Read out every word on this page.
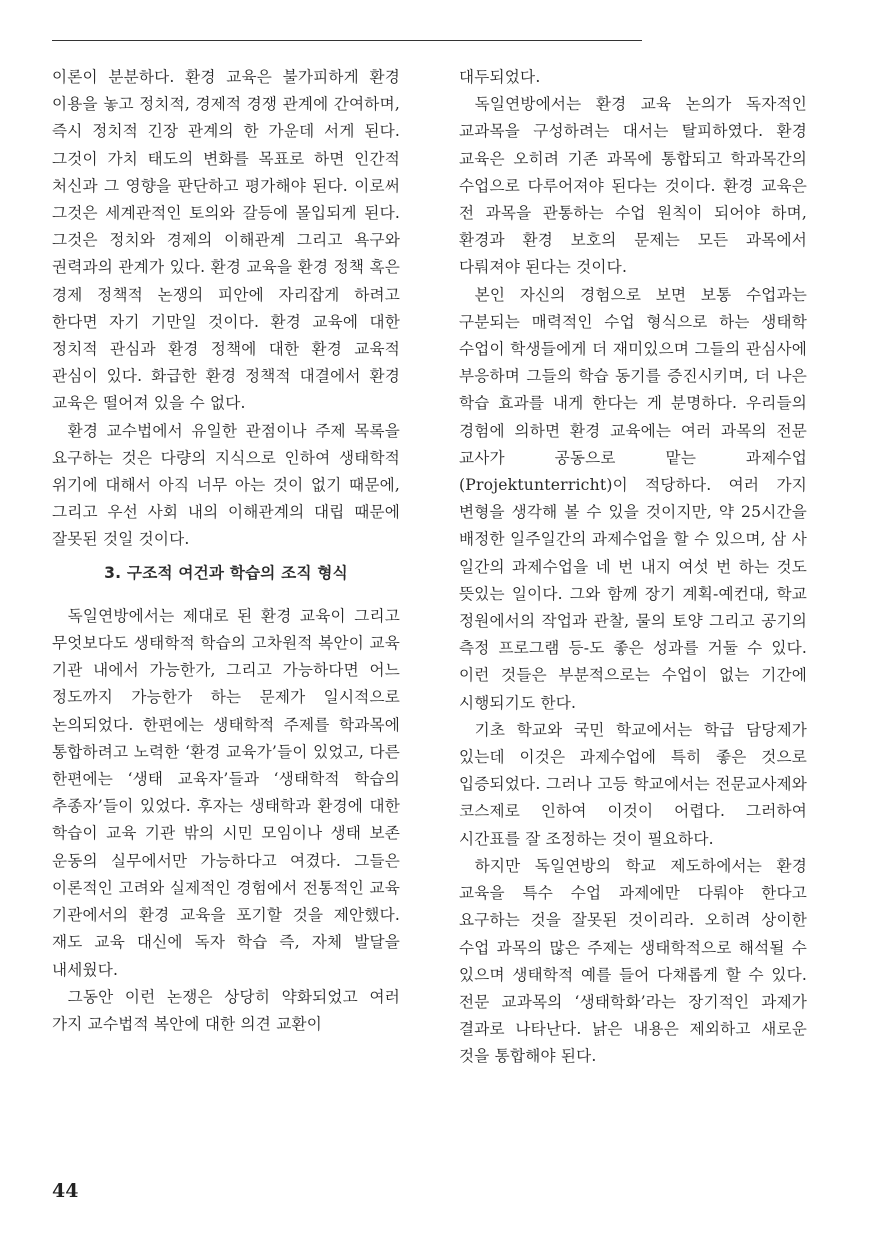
이론이 분분하다. 환경 교육은 불가피하게 환경 이용을 놓고 정치적, 경제적 경쟁 관계에 간여하며, 즉시 정치적 긴장 관계의 한 가운데 서게 된다. 그것이 가치 태도의 변화를 목표로 하면 인간적 처신과 그 영향을 판단하고 평가해야 된다. 이로써 그것은 세계관적인 토의와 갈등에 몰입되게 된다. 그것은 정치와 경제의 이해관계 그리고 욕구와 권력과의 관계가 있다. 환경 교육을 환경 정책 혹은 경제 정책적 논쟁의 피안에 자리잡게 하려고 한다면 자기 기만일 것이다. 환경 교육에 대한 정치적 관심과 환경 정책에 대한 환경 교육적 관심이 있다. 화급한 환경 정책적 대결에서 환경 교육은 떨어져 있을 수 없다.

환경 교수법에서 유일한 관점이나 주제 목록을 요구하는 것은 다량의 지식으로 인하여 생태학적 위기에 대해서 아직 너무 아는 것이 없기 때문에, 그리고 우선 사회 내의 이해관계의 대립 때문에 잘못된 것일 것이다.

3. 구조적 여건과 학습의 조직 형식

독일연방에서는 제대로 된 환경 교육이 그리고 무엇보다도 생태학적 학습의 고차원적 복안이 교육 기관 내에서 가능한가, 그리고 가능하다면 어느 정도까지 가능한가 하는 문제가 일시적으로 논의되었다. 한편에는 생태학적 주제를 학과목에 통합하려고 노력한 ‘환경 교육가’들이 있었고, 다른 한편에는 ‘생태 교육자’들과 ‘생태학적 학습의 추종자’들이 있었다. 후자는 생태학과 환경에 대한 학습이 교육 기관 밖의 시민 모임이나 생태 보존 운동의 실무에서만 가능하다고 여겼다. 그들은 이론적인 고려와 실제적인 경험에서 전통적인 교육 기관에서의 환경 교육을 포기할 것을 제안했다. 재도 교육 대신에 독자 학습 즉, 자체 발달을 내세웠다.

그동안 이런 논쟁은 상당히 약화되었고 여러 가지 교수법적 복안에 대한 의견 교환이

대두되었다.

독일연방에서는 환경 교육 논의가 독자적인 교과목을 구성하려는 대서는 탈피하였다. 환경 교육은 오히려 기존 과목에 통합되고 학과목간의 수업으로 다루어져야 된다는 것이다. 환경 교육은 전 과목을 관통하는 수업 원칙이 되어야 하며, 환경과 환경 보호의 문제는 모든 과목에서 다뤄져야 된다는 것이다.

본인 자신의 경험으로 보면 보통 수업과는 구분되는 매력적인 수업 형식으로 하는 생태학 수업이 학생들에게 더 재미있으며 그들의 관심사에 부응하며 그들의 학습 동기를 증진시키며, 더 나은 학습 효과를 내게 한다는 게 분명하다. 우리들의 경험에 의하면 환경 교육에는 여러 과목의 전문 교사가 공동으로 맡는 과제수업(Projektunterricht)이 적당하다. 여러 가지 변형을 생각해 볼 수 있을 것이지만, 약 25시간을 배정한 일주일간의 과제수업을 할 수 있으며, 삼 사 일간의 과제수업을 네 번 내지 여섯 번 하는 것도 뜻있는 일이다. 그와 함께 장기 계획-예컨대, 학교 정원에서의 작업과 관찰, 물의 토양 그리고 공기의 측정 프로그램 등-도 좋은 성과를 거둘 수 있다. 이런 것들은 부분적으로는 수업이 없는 기간에 시행되기도 한다.

기초 학교와 국민 학교에서는 학급 담당제가 있는데 이것은 과제수업에 특히 좋은 것으로 입증되었다. 그러나 고등 학교에서는 전문교사제와 코스제로 인하여 이것이 어렵다. 그러하여 시간표를 잘 조정하는 것이 필요하다.

하지만 독일연방의 학교 제도하에서는 환경 교육을 특수 수업 과제에만 다뤄야 한다고 요구하는 것을 잘못된 것이리라. 오히려 상이한 수업 과목의 많은 주제는 생태학적으로 해석될 수 있으며 생태학적 예를 들어 다채롭게 할 수 있다. 전문 교과목의 ‘생태학화’라는 장기적인 과제가 결과로 나타난다. 낡은 내용은 제외하고 새로운 것을 통합해야 된다.

44
